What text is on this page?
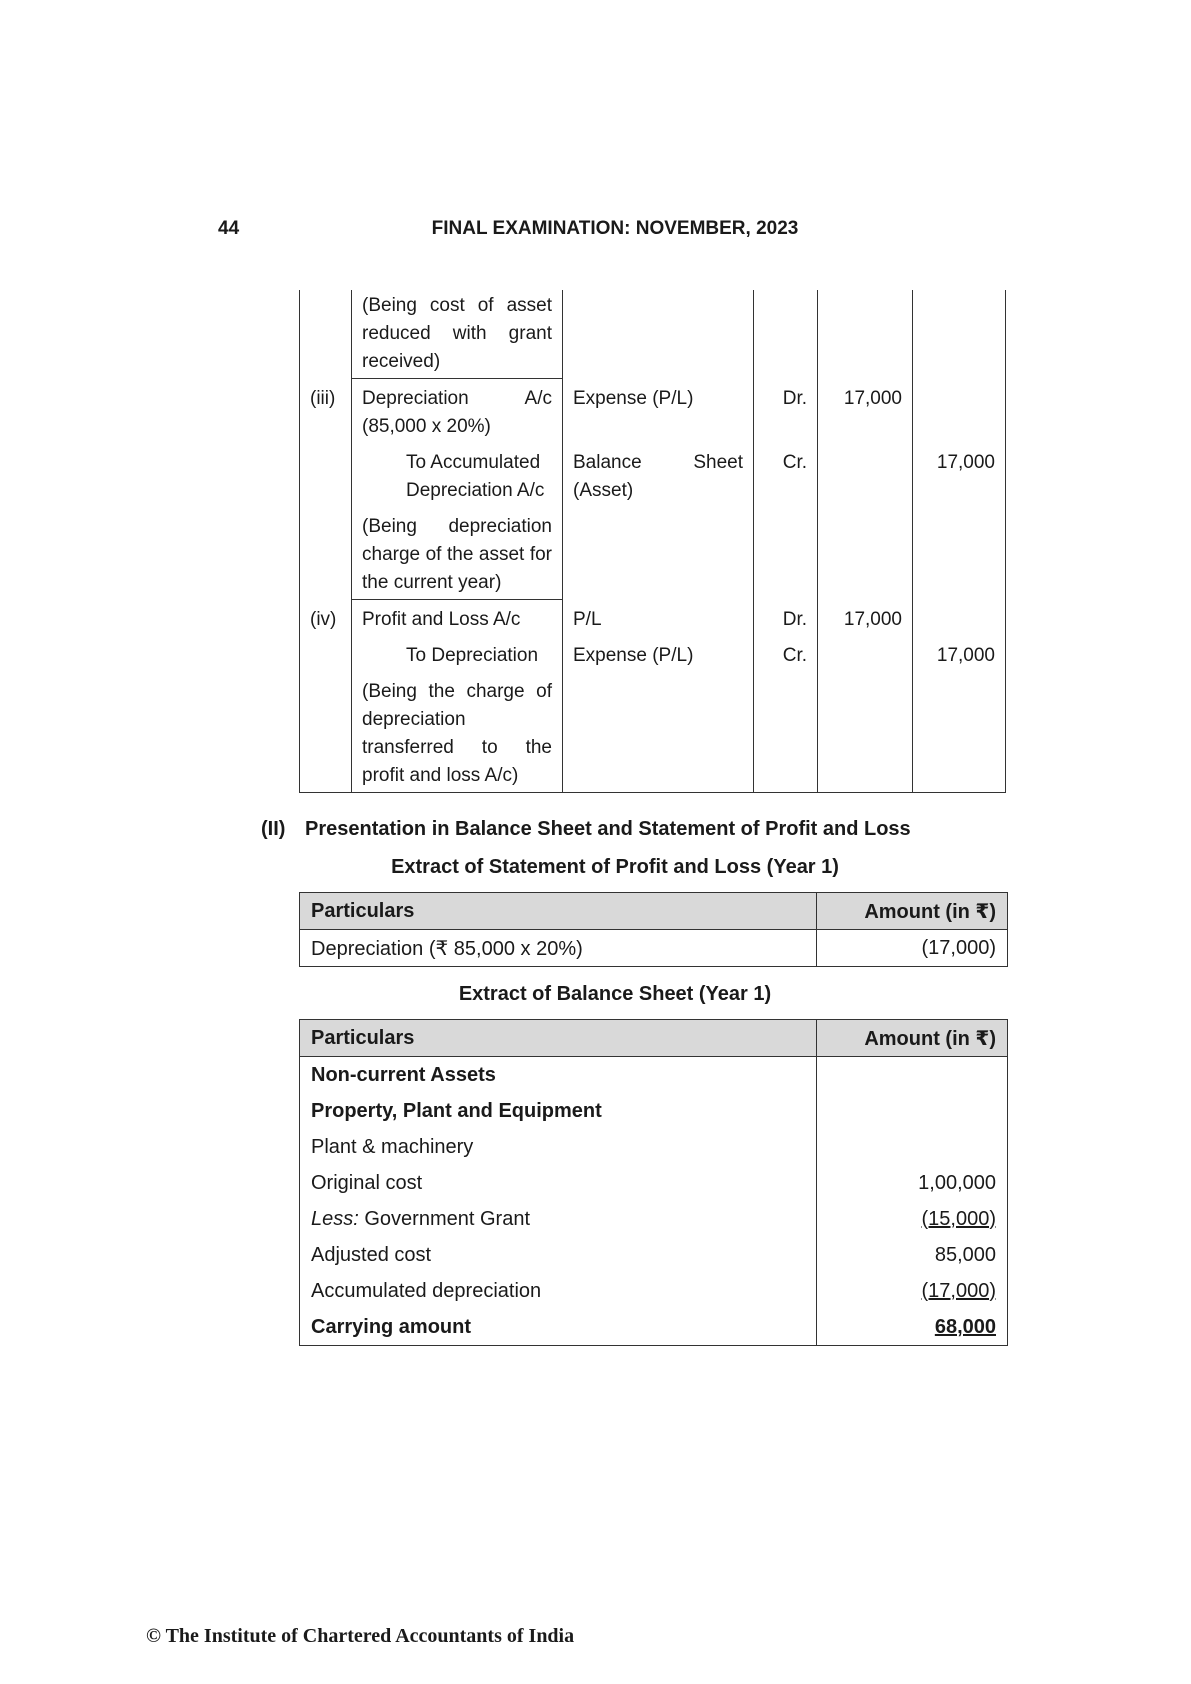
44	FINAL EXAMINATION: NOVEMBER, 2023
	(Being cost of asset reduced with grant received)				
(iii)	Depreciation A/c (85,000 x 20%)	Expense (P/L)	Dr.	17,000	
	To Accumulated Depreciation A/c	Balance Sheet (Asset)	Cr.		17,000
	(Being depreciation charge of the asset for the current year)				
(iv)	Profit and Loss A/c	P/L	Dr.	17,000	
	To Depreciation	Expense (P/L)	Cr.		17,000
	(Being the charge of depreciation transferred to the profit and loss A/c)				
(II) Presentation in Balance Sheet and Statement of Profit and Loss
Extract of Statement of Profit and Loss (Year 1)
Particulars	Amount (in ₹)
Depreciation (₹ 85,000 x 20%)	(17,000)
Extract of Balance Sheet (Year 1)
Particulars	Amount (in ₹)
Non-current Assets	
Property, Plant and Equipment	
Plant & machinery	
Original cost	1,00,000
Less: Government Grant	(15,000)
Adjusted cost	85,000
Accumulated depreciation	(17,000)
Carrying amount	68,000
© The Institute of Chartered Accountants of India
